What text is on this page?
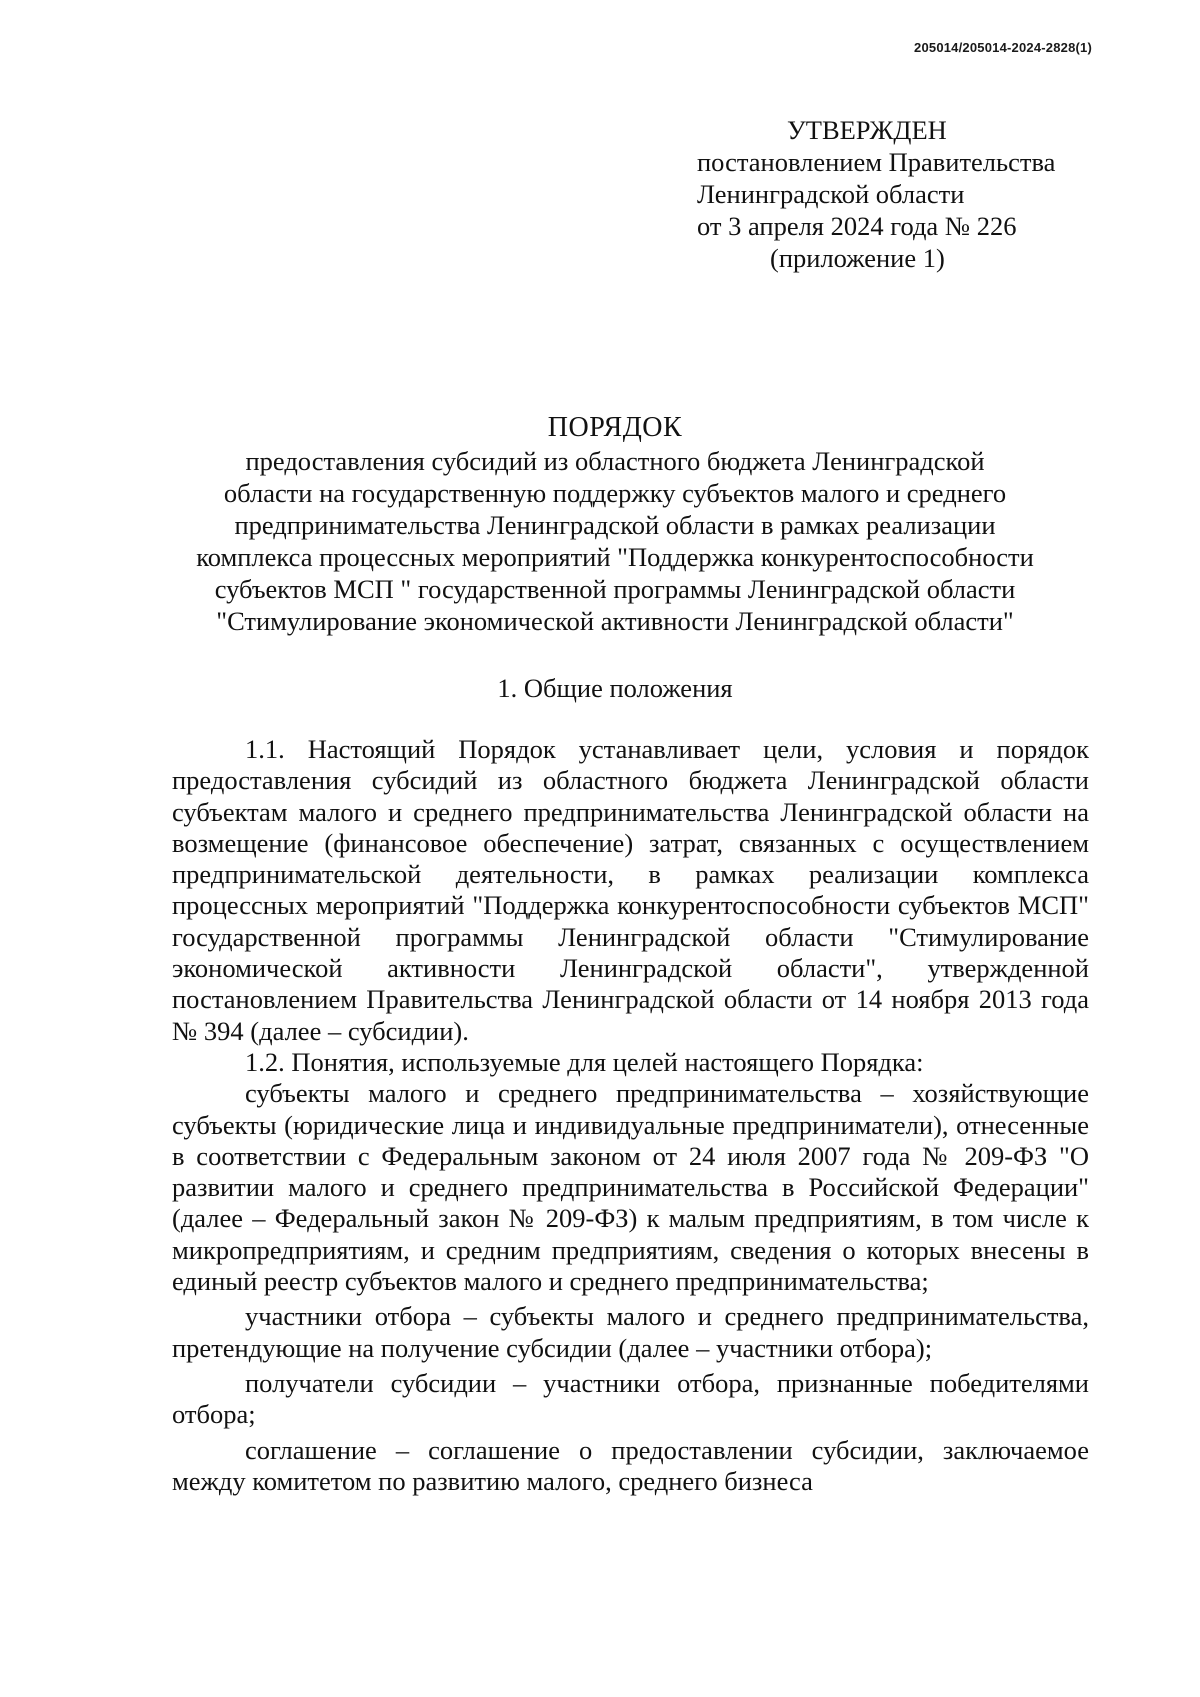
205014/205014-2024-2828(1)
УТВЕРЖДЕН
постановлением Правительства
Ленинградской области
от 3 апреля 2024 года № 226
(приложение 1)
ПОРЯДОК
предоставления субсидий из областного бюджета Ленинградской
области на государственную поддержку субъектов малого и среднего
предпринимательства Ленинградской области в рамках реализации
комплекса процессных мероприятий "Поддержка конкурентоспособности
субъектов МСП " государственной программы Ленинградской области
"Стимулирование экономической активности Ленинградской области"
1. Общие положения

1.1. Настоящий Порядок устанавливает цели, условия и порядок предоставления субсидий из областного бюджета Ленинградской области субъектам малого и среднего предпринимательства Ленинградской области на возмещение (финансовое обеспечение) затрат, связанных с осуществлением предпринимательской деятельности, в рамках реализации комплекса процессных мероприятий "Поддержка конкурентоспособности субъектов МСП" государственной программы Ленинградской области "Стимулирование экономической активности Ленинградской области", утвержденной постановлением Правительства Ленинградской области от 14 ноября 2013 года № 394 (далее – субсидии).

1.2. Понятия, используемые для целей настоящего Порядка:

субъекты малого и среднего предпринимательства – хозяйствующие субъекты (юридические лица и индивидуальные предприниматели), отнесенные в соответствии с Федеральным законом от 24 июля 2007 года № 209-ФЗ "О развитии малого и среднего предпринимательства в Российской Федерации" (далее – Федеральный закон № 209-ФЗ) к малым предприятиям, в том числе к микропредприятиям, и средним предприятиям, сведения о которых внесены в единый реестр субъектов малого и среднего предпринимательства;

участники отбора – субъекты малого и среднего предпринимательства, претендующие на получение субсидии (далее – участники отбора);

получатели субсидии – участники отбора, признанные победителями отбора;

соглашение – соглашение о предоставлении субсидии, заключаемое между комитетом по развитию малого, среднего бизнеса
